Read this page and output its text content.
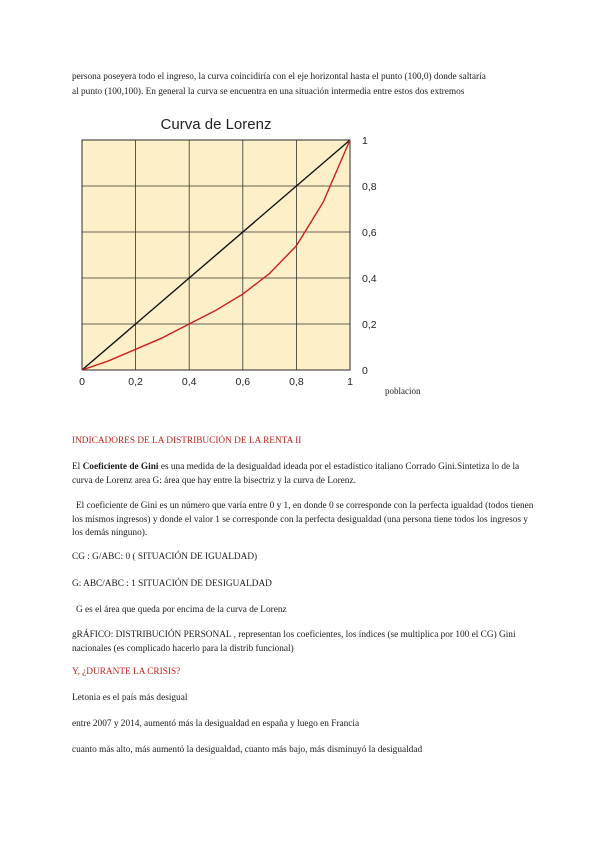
persona poseyera todo el ingreso, la curva coincidiría con el eje horizontal hasta el punto (100,0) donde saltaría

al punto (100,100). En general la curva se encuentra en una situación intermedia entre estos dos extremos

Curva de Lorenz
0	0,2	0,4	0,6	0,8	1
0
0,2
0,4
0,6
0,8
1
poblacion

INDICADORES DE LA DISTRIBUCIÓN DE LA RENTA II

El Coeficiente de Gini es una medida de la desigualdad ideada por el estadístico italiano Corrado Gini.Sintetiza lo de la curva de Lorenz area G: área que hay entre la bisectriz y la curva de Lorenz.

El coeficiente de Gini es un número que varía entre 0 y 1, en donde 0 se corresponde con la perfecta igualdad (todos tienen los mismos ingresos) y donde el valor 1 se corresponde con la perfecta desigualdad (una persona tiene todos los ingresos y los demás ninguno).

CG : G/ABC: 0 ( SITUACIÓN DE IGUALDAD)

G: ABC/ABC : 1 SITUACIÓN DE DESIGUALDAD

G es el área que queda por encima de la curva de Lorenz

gRÁFICO: DISTRIBUCIÓN PERSONAL , representan los coeficientes, los índices (se multiplica por 100 el CG) Gini nacionales (es complicado hacerlo para la distrib funcional)

Y, ¿DURANTE LA CRISIS?

Letonia es el país más desigual

entre 2007 y 2014, aumentó más la desigualdad en españa y luego en Francia

cuanto más alto, más aumentó la desigualdad, cuanto más bajo, más disminuyó la desigualdad
